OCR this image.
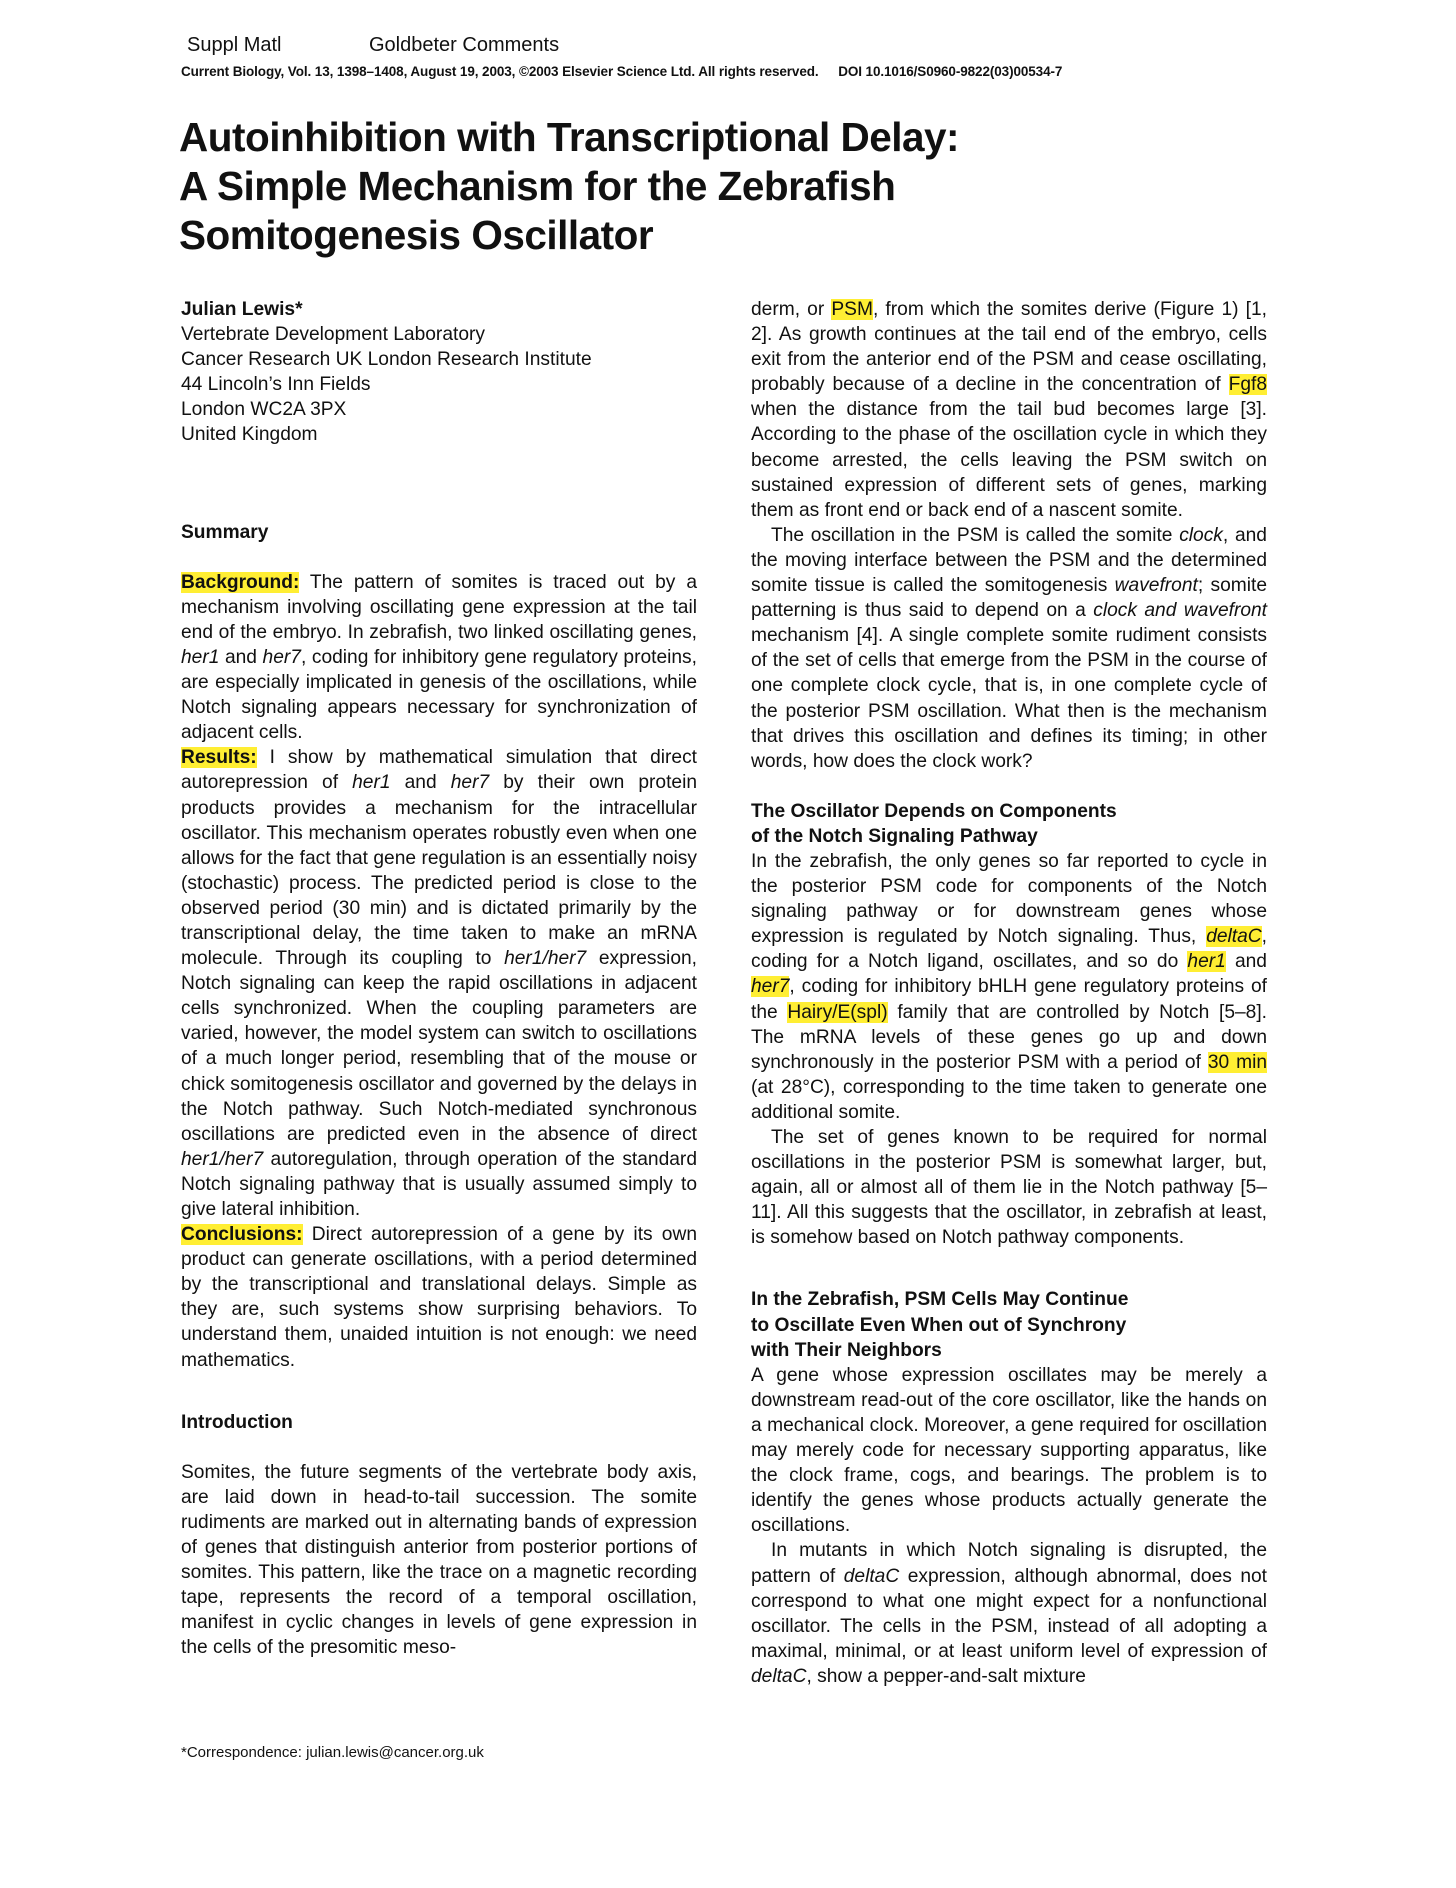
Suppl Matl	Goldbeter Comments
Current Biology, Vol. 13, 1398–1408, August 19, 2003, ©2003 Elsevier Science Ltd. All rights reserved. DOI 10.1016/S0960-9822(03)00534-7
Autoinhibition with Transcriptional Delay:
A Simple Mechanism for the Zebrafish
Somitogenesis Oscillator
Julian Lewis*
Vertebrate Development Laboratory
Cancer Research UK London Research Institute
44 Lincoln’s Inn Fields
London WC2A 3PX
United Kingdom
Summary

Background: The pattern of somites is traced out by a mechanism involving oscillating gene expression at the tail end of the embryo. In zebrafish, two linked oscillating genes, her1 and her7, coding for inhibitory gene regulatory proteins, are especially implicated in genesis of the oscillations, while Notch signaling appears necessary for synchronization of adjacent cells.

Results: I show by mathematical simulation that direct autorepression of her1 and her7 by their own protein products provides a mechanism for the intracellular oscillator. This mechanism operates robustly even when one allows for the fact that gene regulation is an essentially noisy (stochastic) process. The predicted period is close to the observed period (30 min) and is dictated primarily by the transcriptional delay, the time taken to make an mRNA molecule. Through its coupling to her1/her7 expression, Notch signaling can keep the rapid oscillations in adjacent cells synchronized. When the coupling parameters are varied, however, the model system can switch to oscillations of a much longer period, resembling that of the mouse or chick somitogenesis oscillator and governed by the delays in the Notch pathway. Such Notch-mediated synchronous oscillations are predicted even in the absence of direct her1/her7 autoregulation, through operation of the standard Notch signaling pathway that is usually assumed simply to give lateral inhibition.

Conclusions: Direct autorepression of a gene by its own product can generate oscillations, with a period determined by the transcriptional and translational delays. Simple as they are, such systems show surprising behaviors. To understand them, unaided intuition is not enough: we need mathematics.

Introduction

Somites, the future segments of the vertebrate body axis, are laid down in head-to-tail succession. The somite rudiments are marked out in alternating bands of expression of genes that distinguish anterior from posterior portions of somites. This pattern, like the trace on a magnetic recording tape, represents the record of a temporal oscillation, manifest in cyclic changes in levels of gene expression in the cells of the presomitic meso-

derm, or PSM, from which the somites derive (Figure 1) [1, 2]. As growth continues at the tail end of the embryo, cells exit from the anterior end of the PSM and cease oscillating, probably because of a decline in the concentration of Fgf8 when the distance from the tail bud becomes large [3]. According to the phase of the oscillation cycle in which they become arrested, the cells leaving the PSM switch on sustained expression of different sets of genes, marking them as front end or back end of a nascent somite.

The oscillation in the PSM is called the somite clock, and the moving interface between the PSM and the determined somite tissue is called the somitogenesis wavefront; somite patterning is thus said to depend on a clock and wavefront mechanism [4]. A single complete somite rudiment consists of the set of cells that emerge from the PSM in the course of one complete clock cycle, that is, in one complete cycle of the posterior PSM oscillation. What then is the mechanism that drives this oscillation and defines its timing; in other words, how does the clock work?

The Oscillator Depends on Components
of the Notch Signaling Pathway

In the zebrafish, the only genes so far reported to cycle in the posterior PSM code for components of the Notch signaling pathway or for downstream genes whose expression is regulated by Notch signaling. Thus, deltaC, coding for a Notch ligand, oscillates, and so do her1 and her7, coding for inhibitory bHLH gene regulatory proteins of the Hairy/E(spl) family that are controlled by Notch [5–8]. The mRNA levels of these genes go up and down synchronously in the posterior PSM with a period of 30 min (at 28°C), corresponding to the time taken to generate one additional somite.

The set of genes known to be required for normal oscillations in the posterior PSM is somewhat larger, but, again, all or almost all of them lie in the Notch pathway [5–11]. All this suggests that the oscillator, in zebrafish at least, is somehow based on Notch pathway components.

In the Zebrafish, PSM Cells May Continue
to Oscillate Even When out of Synchrony
with Their Neighbors

A gene whose expression oscillates may be merely a downstream read-out of the core oscillator, like the hands on a mechanical clock. Moreover, a gene required for oscillation may merely code for necessary supporting apparatus, like the clock frame, cogs, and bearings. The problem is to identify the genes whose products actually generate the oscillations.

In mutants in which Notch signaling is disrupted, the pattern of deltaC expression, although abnormal, does not correspond to what one might expect for a nonfunctional oscillator. The cells in the PSM, instead of all adopting a maximal, minimal, or at least uniform level of expression of deltaC, show a pepper-and-salt mixture

*Correspondence: julian.lewis@cancer.org.uk
